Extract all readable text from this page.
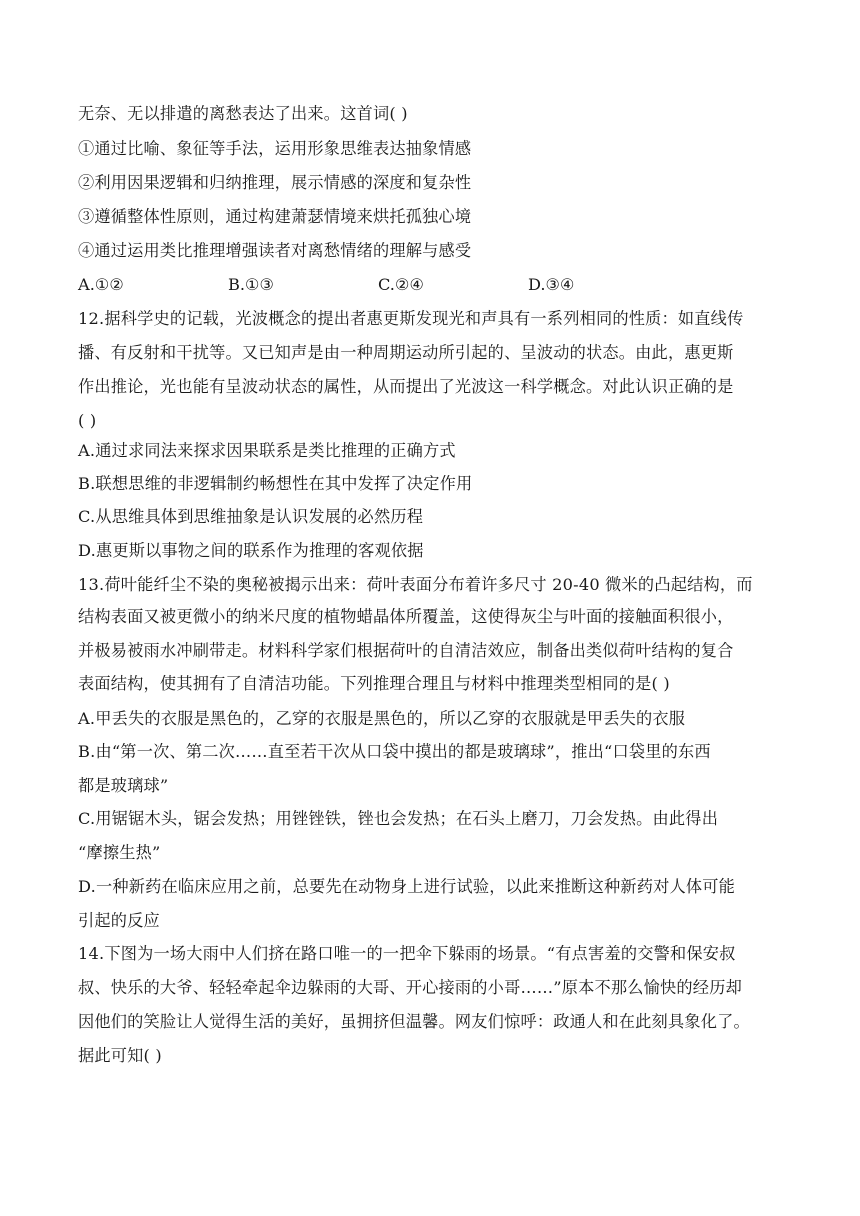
无奈、无以排遣的离愁表达了出来。这首词( )
①通过比喻、象征等手法，运用形象思维表达抽象情感
②利用因果逻辑和归纳推理，展示情感的深度和复杂性
③遵循整体性原则，通过构建萧瑟情境来烘托孤独心境
④通过运用类比推理增强读者对离愁情绪的理解与感受
A.①②	B.①③	C.②④	D.③④
12.据科学史的记载，光波概念的提出者惠更斯发现光和声具有一系列相同的性质：如直线传
播、有反射和干扰等。又已知声是由一种周期运动所引起的、呈波动的状态。由此，惠更斯
作出推论，光也能有呈波动状态的属性，从而提出了光波这一科学概念。对此认识正确的是
( )
A.通过求同法来探求因果联系是类比推理的正确方式
B.联想思维的非逻辑制约畅想性在其中发挥了决定作用
C.从思维具体到思维抽象是认识发展的必然历程
D.惠更斯以事物之间的联系作为推理的客观依据
13.荷叶能纤尘不染的奥秘被揭示出来：荷叶表面分布着许多尺寸 20-40 微米的凸起结构，而
结构表面又被更微小的纳米尺度的植物蜡晶体所覆盖，这使得灰尘与叶面的接触面积很小，
并极易被雨水冲刷带走。材料科学家们根据荷叶的自清洁效应，制备出类似荷叶结构的复合
表面结构，使其拥有了自清洁功能。下列推理合理且与材料中推理类型相同的是( )
A.甲丢失的衣服是黑色的，乙穿的衣服是黑色的，所以乙穿的衣服就是甲丢失的衣服
B.由“第一次、第二次……直至若干次从口袋中摸出的都是玻璃球”，推出“口袋里的东西
都是玻璃球”
C.用锯锯木头，锯会发热；用锉锉铁，锉也会发热；在石头上磨刀，刀会发热。由此得出
“摩擦生热”
D.一种新药在临床应用之前，总要先在动物身上进行试验，以此来推断这种新药对人体可能
引起的反应
14.下图为一场大雨中人们挤在路口唯一的一把伞下躲雨的场景。“有点害羞的交警和保安叔
叔、快乐的大爷、轻轻牵起伞边躲雨的大哥、开心接雨的小哥……”原本不那么愉快的经历却
因他们的笑脸让人觉得生活的美好，虽拥挤但温馨。网友们惊呼：政通人和在此刻具象化了。
据此可知( )
